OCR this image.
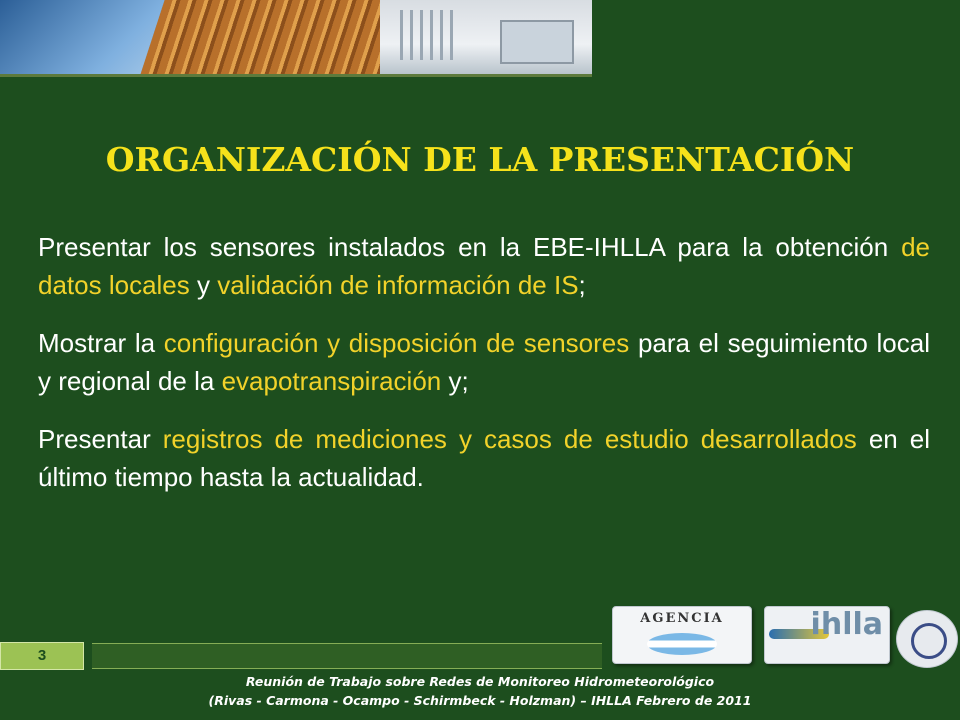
ORGANIZACIÓN DE LA PRESENTACIÓN

Presentar los sensores instalados en la EBE-IHLLA para la obtención de datos locales y validación de información de IS;

Mostrar la configuración y disposición de sensores para el seguimiento local y regional de la evapotranspiración y;

Presentar registros de mediciones y casos de estudio desarrollados en el último tiempo hasta la actualidad.

3
AGENCIA	ihlla
Reunión de Trabajo sobre Redes de Monitoreo Hidrometeorológico
(Rivas - Carmona - Ocampo - Schirmbeck - Holzman) – IHLLA Febrero de 2011
